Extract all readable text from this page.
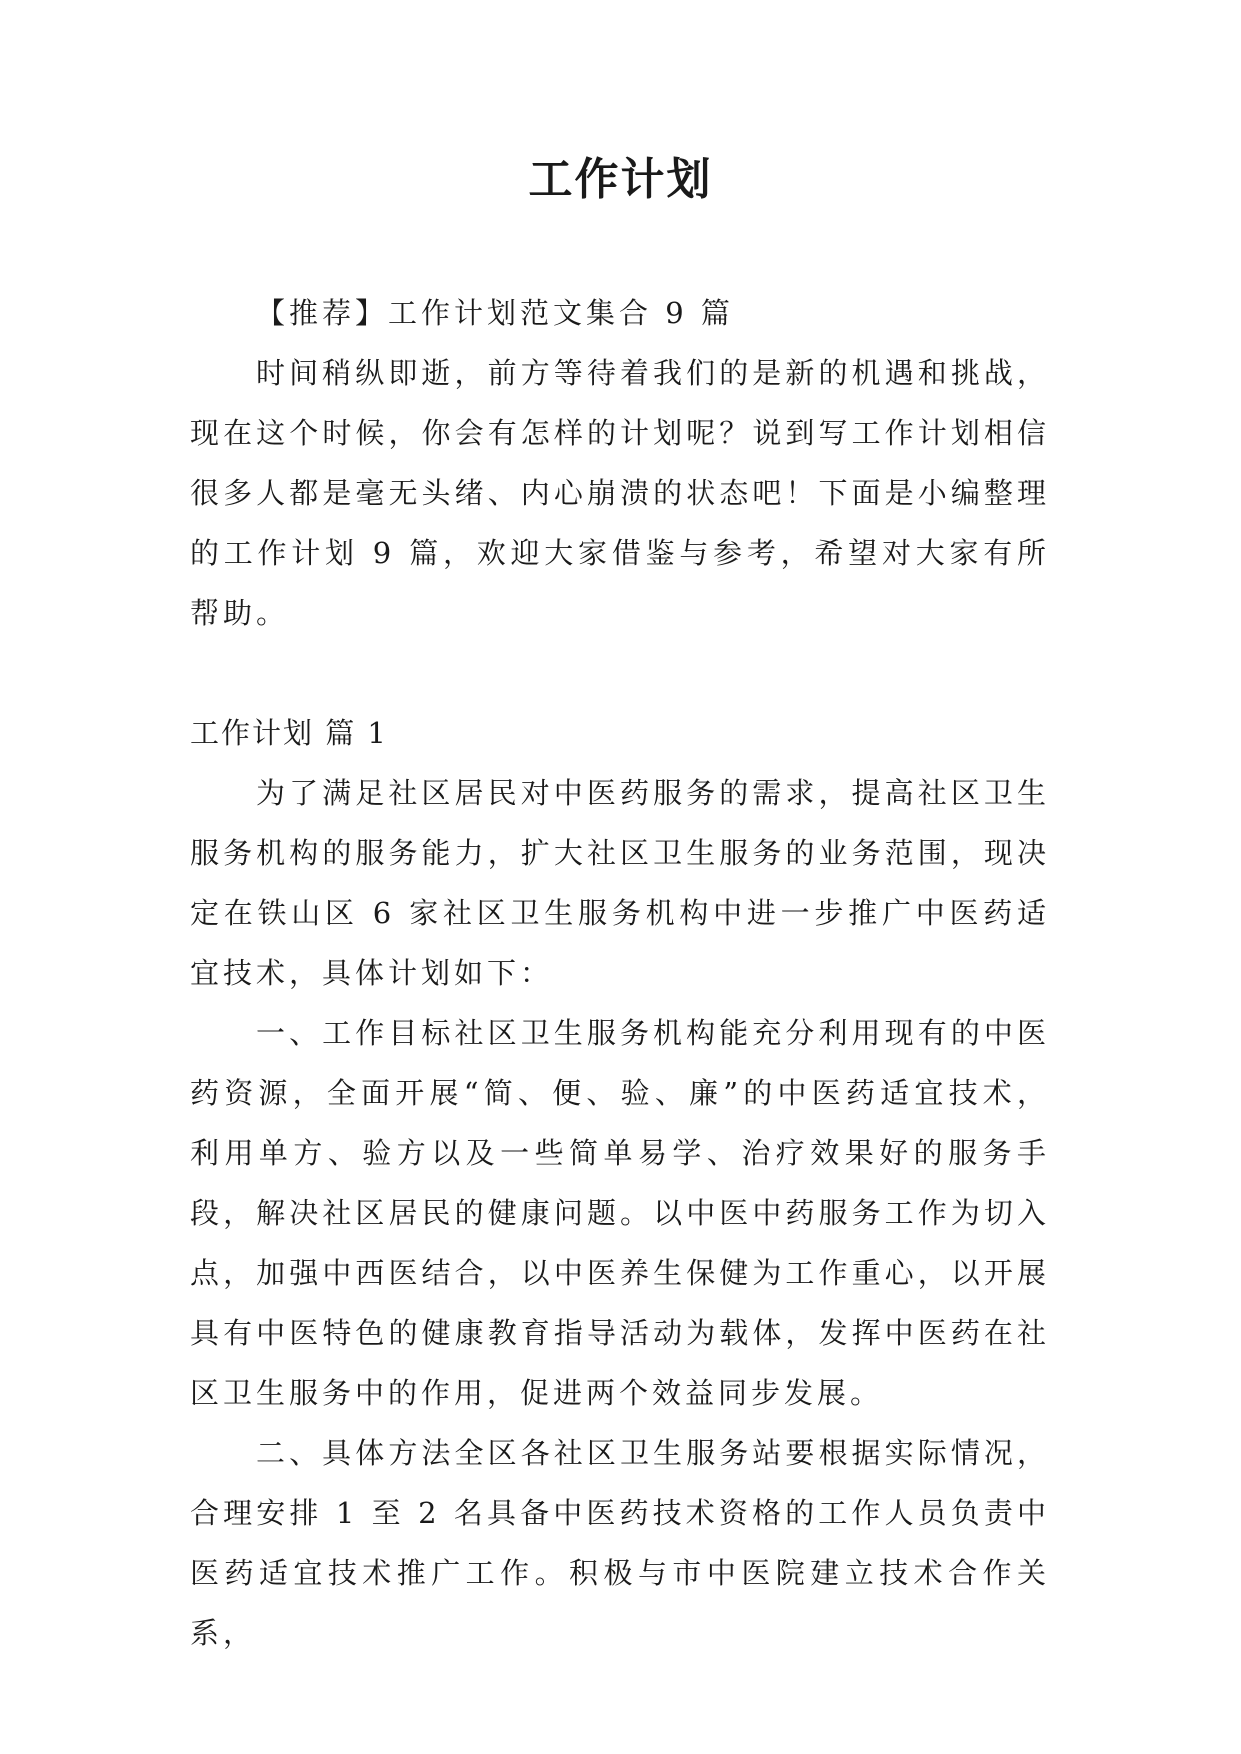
工作计划

【推荐】工作计划范文集合 9 篇

时间稍纵即逝，前方等待着我们的是新的机遇和挑战，现在这个时候，你会有怎样的计划呢？说到写工作计划相信很多人都是毫无头绪、内心崩溃的状态吧！下面是小编整理的工作计划 9 篇，欢迎大家借鉴与参考，希望对大家有所帮助。

工作计划 篇 1

为了满足社区居民对中医药服务的需求，提高社区卫生服务机构的服务能力，扩大社区卫生服务的业务范围，现决定在铁山区 6 家社区卫生服务机构中进一步推广中医药适宜技术，具体计划如下：

一、工作目标社区卫生服务机构能充分利用现有的中医药资源，全面开展“简、便、验、廉”的中医药适宜技术，利用单方、验方以及一些简单易学、治疗效果好的服务手段，解决社区居民的健康问题。以中医中药服务工作为切入点，加强中西医结合，以中医养生保健为工作重心，以开展具有中医特色的健康教育指导活动为载体，发挥中医药在社区卫生服务中的作用，促进两个效益同步发展。

二、具体方法全区各社区卫生服务站要根据实际情况，合理安排 1 至 2 名具备中医药技术资格的工作人员负责中医药适宜技术推广工作。积极与市中医院建立技术合作关系，
